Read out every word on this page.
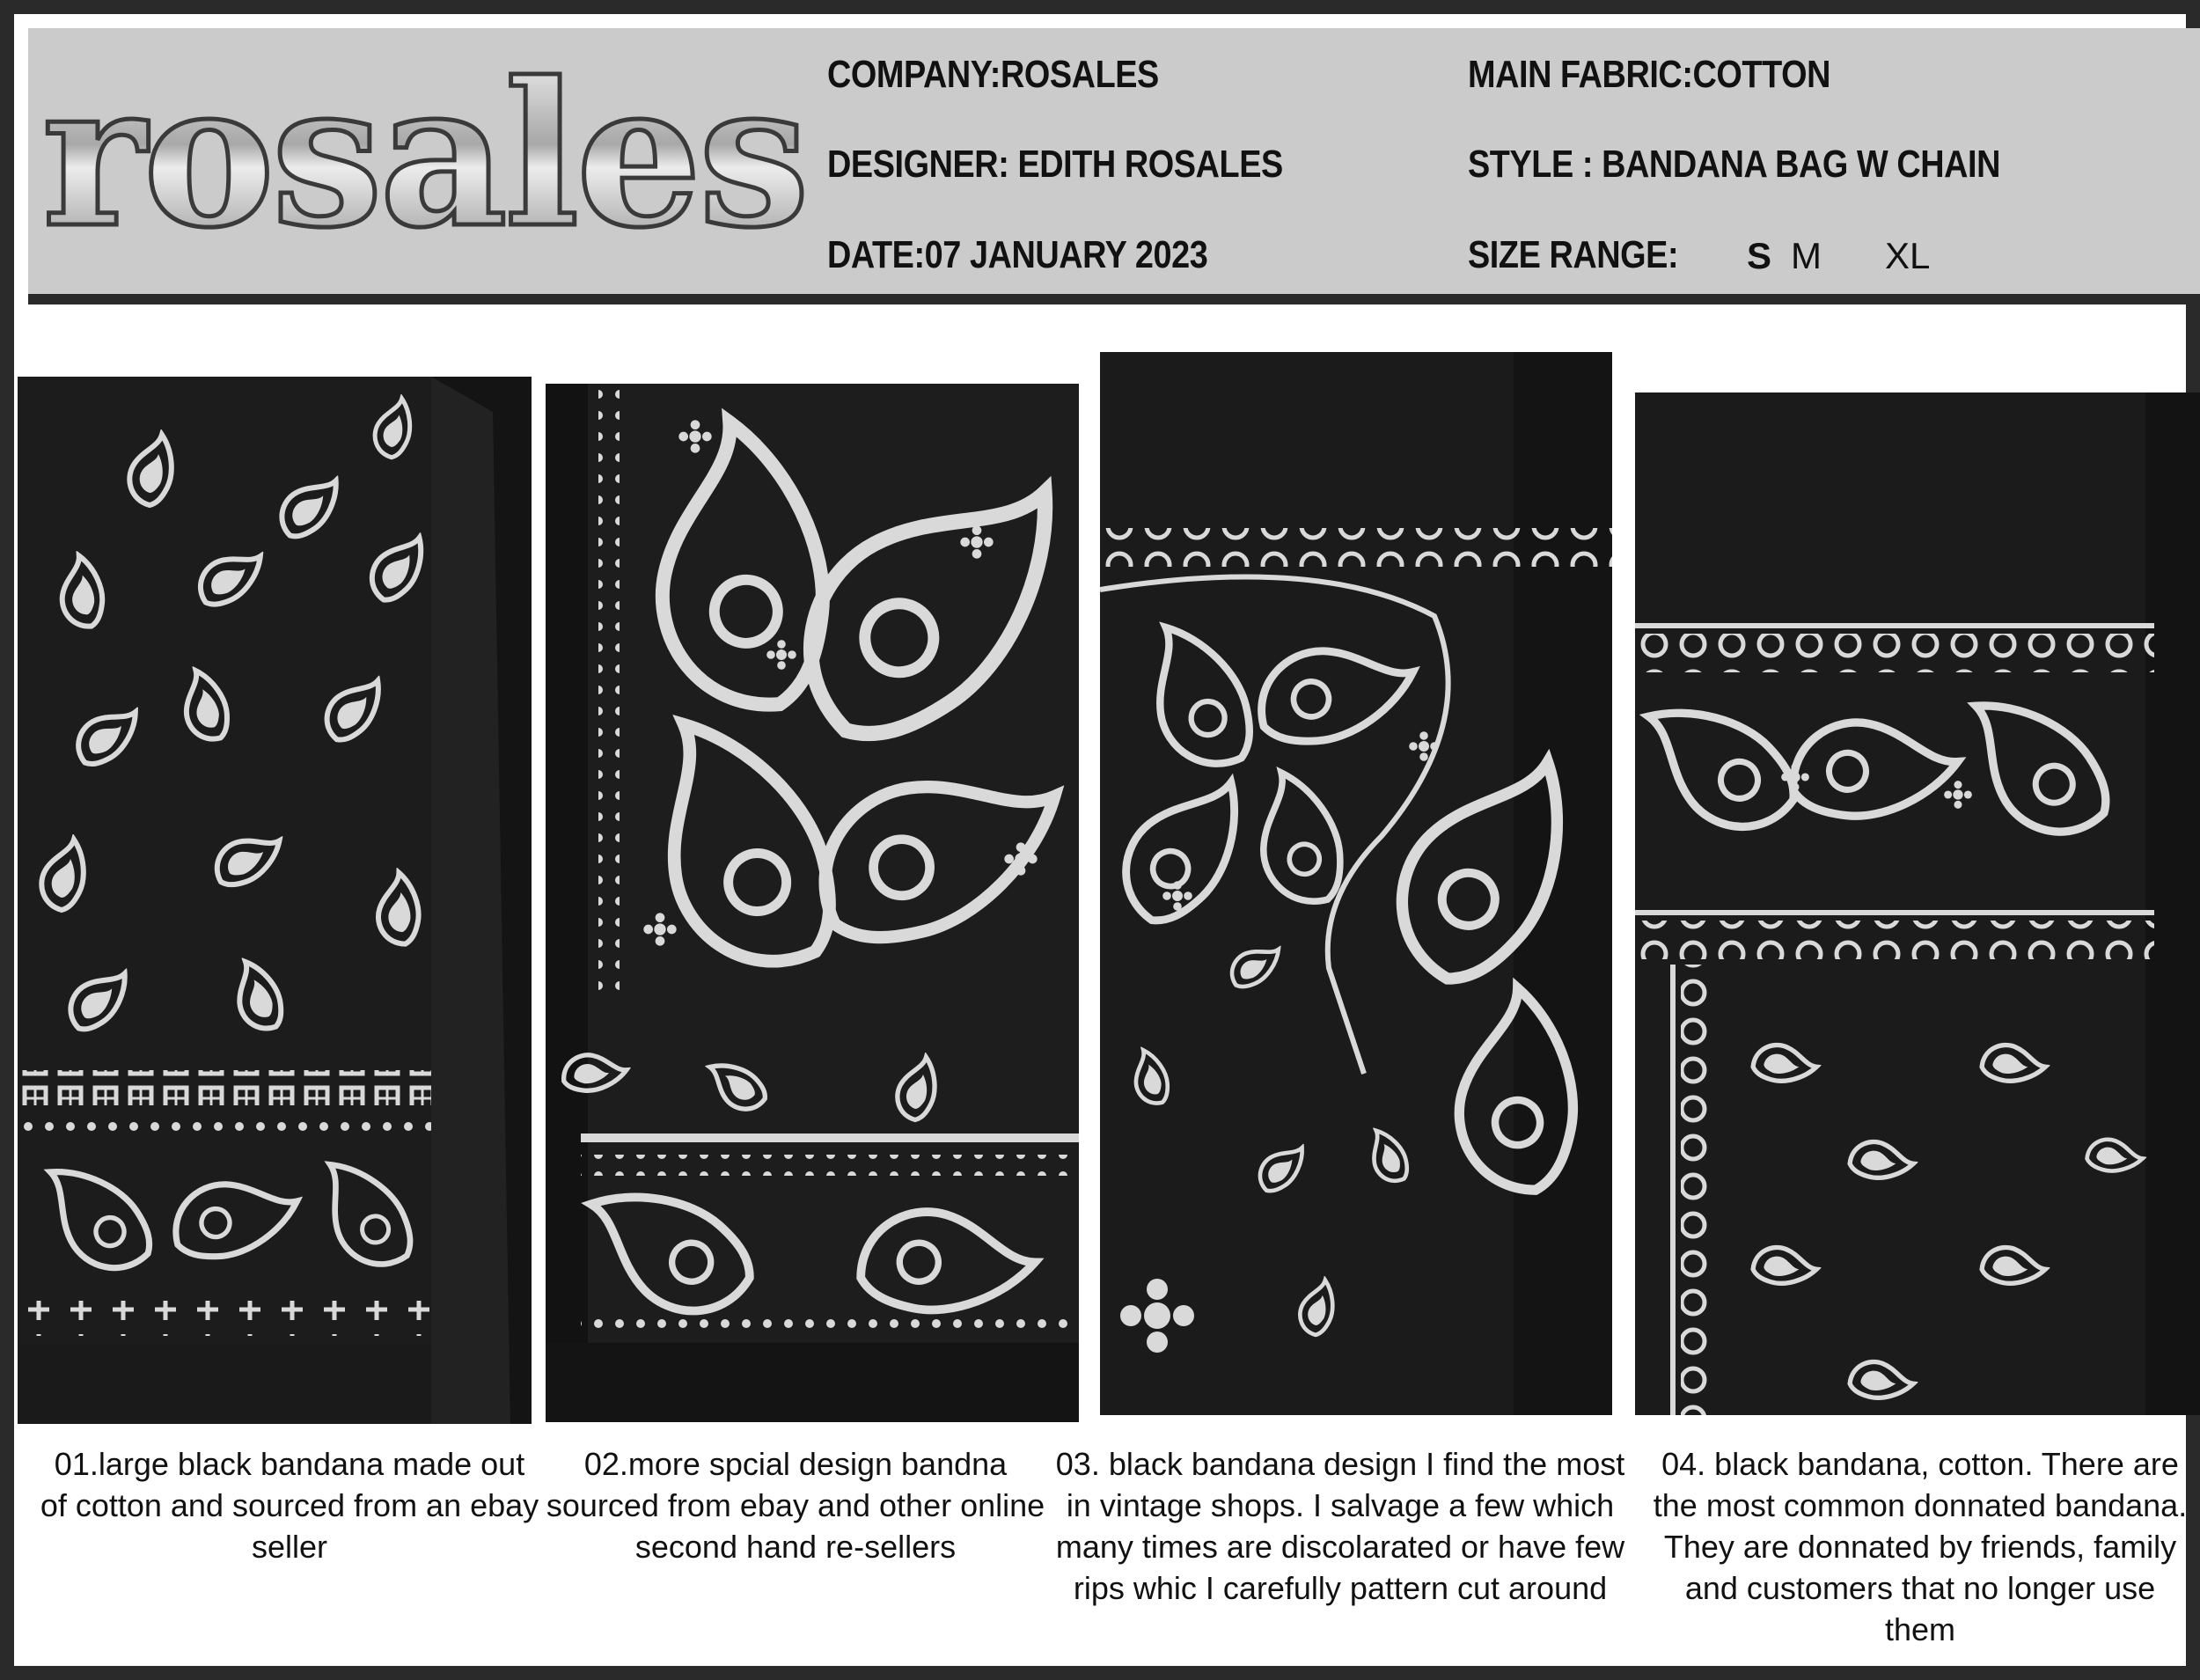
rosales COMPANY:ROSALES
DESIGNER: EDITH ROSALES
DATE:07 JANUARY 2023
MAIN FABRIC:COTTON
STYLE : BANDANA BAG W CHAIN
SIZE RANGE: S M XL
01.large black bandana made out of cotton and sourced from an ebay seller
02.more spcial design bandna sourced from ebay and other online second hand re-sellers
03. black bandana design I find the most in vintage shops. I salvage a few which many times are discolarated or have few rips whic I carefully pattern cut around
04. black bandana, cotton. There are the most common donnated bandana. They are donnated by friends, family and customers that no longer use them
